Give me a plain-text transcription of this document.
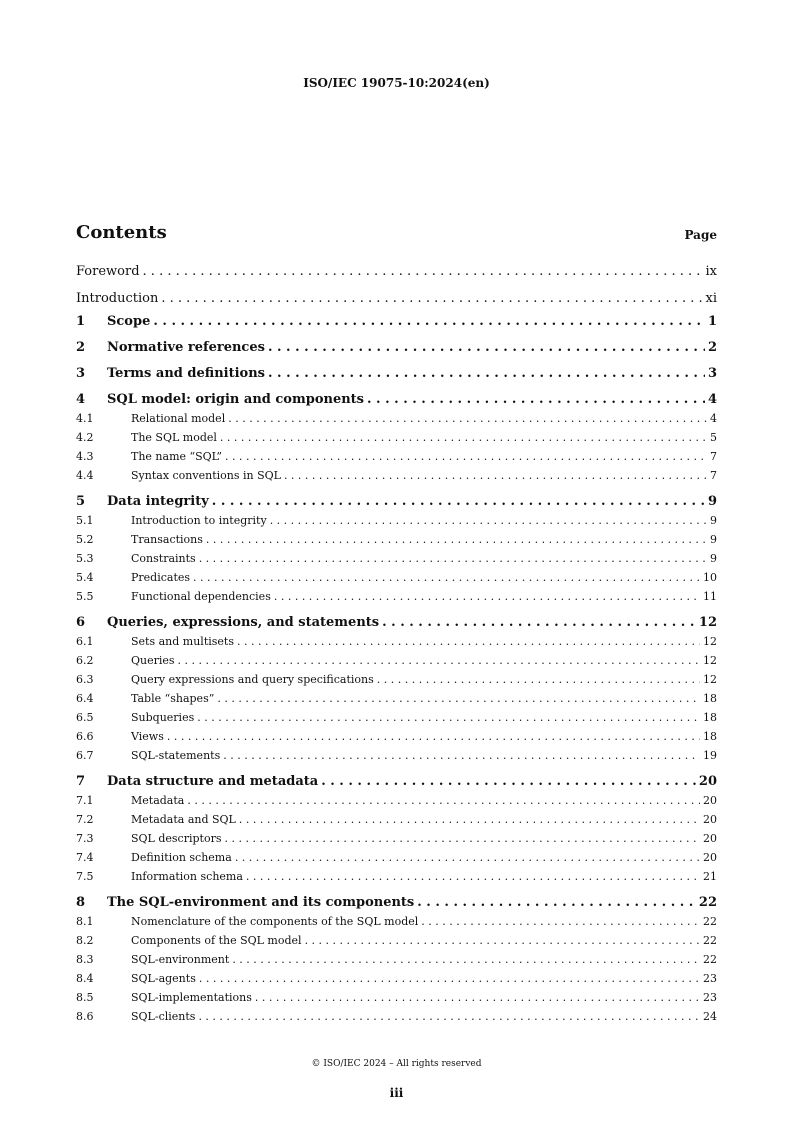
ISO/IEC 19075-10:2024(en)
Contents	Page
Foreword . . .	ix
Introduction . . .	xi
1	Scope . . .	1
2	Normative references . . .	2
3	Terms and definitions . . .	3
4	SQL model: origin and components . . .	4
4.1	Relational model . . .	4
4.2	The SQL model . . .	5
4.3	The name “SQL” . . .	7
4.4	Syntax conventions in SQL . . .	7
5	Data integrity . . .	9
5.1	Introduction to integrity . . .	9
5.2	Transactions . . .	9
5.3	Constraints . . .	9
5.4	Predicates . . .	10
5.5	Functional dependencies . . .	11
6	Queries, expressions, and statements . . .	12
6.1	Sets and multisets . . .	12
6.2	Queries . . .	12
6.3	Query expressions and query specifications . . .	12
6.4	Table “shapes” . . .	18
6.5	Subqueries . . .	18
6.6	Views . . .	18
6.7	SQL-statements . . .	19
7	Data structure and metadata . . .	20
7.1	Metadata . . .	20
7.2	Metadata and SQL . . .	20
7.3	SQL descriptors . . .	20
7.4	Definition schema . . .	20
7.5	Information schema . . .	21
8	The SQL-environment and its components . . .	22
8.1	Nomenclature of the components of the SQL model . . .	22
8.2	Components of the SQL model . . .	22
8.3	SQL-environment . . .	22
8.4	SQL-agents . . .	23
8.5	SQL-implementations . . .	23
8.6	SQL-clients . . .	24
© ISO/IEC 2024 – All rights reserved
iii
